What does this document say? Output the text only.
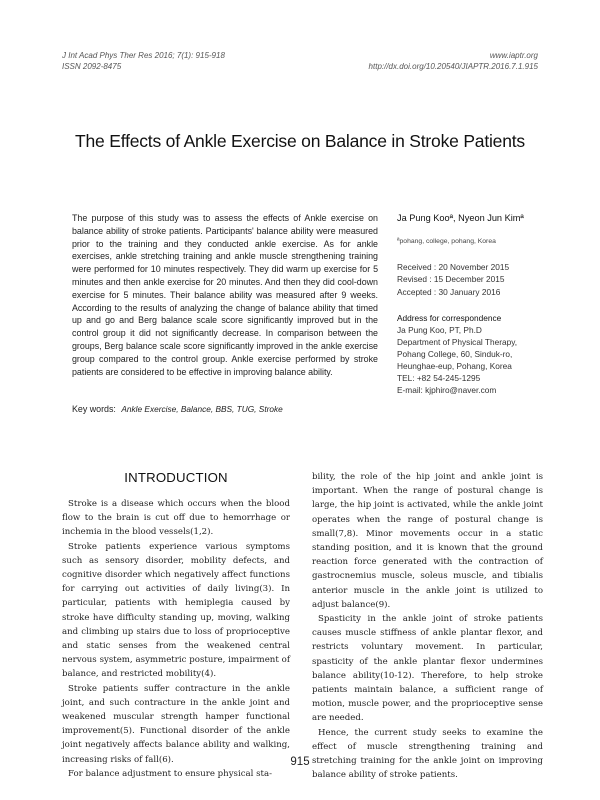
J Int Acad Phys Ther Res 2016; 7(1): 915-918
ISSN 2092-8475
www.iaptr.org
http://dx.doi.org/10.20540/JIAPTR.2016.7.1.915
The Effects of Ankle Exercise on Balance in Stroke Patients
The purpose of this study was to assess the effects of Ankle exercise on balance ability of stroke patients. Participants' balance ability were measured prior to the training and they conducted ankle exercise. As for ankle exercises, ankle stretching training and ankle muscle strengthening training were performed for 10 minutes respectively. They did warm up exercise for 5 minutes and then ankle exercise for 20 minutes. And then they did cool-down exercise for 5 minutes. Their balance ability was measured after 9 weeks. According to the results of analyzing the change of balance ability that timed up and go and Berg balance scale score significantly improved but in the control group it did not significantly decrease. In comparison between the groups, Berg balance scale score significantly improved in the ankle exercise group compared to the control group. Ankle exercise performed by stroke patients are considered to be effective in improving balance ability.
Key words: Ankle Exercise, Balance, BBS, TUG, Stroke
Ja Pung Kooª, Nyeon Jun Kimª
ªpohang, college, pohang, Korea
Received : 20 November 2015
Revised : 15 December 2015
Accepted : 30 January 2016
Address for correspondence
Ja Pung Koo, PT, Ph.D
Department of Physical Therapy,
Pohang College, 60, Sinduk-ro,
Heunghae-eup, Pohang, Korea
TEL: +82 54-245-1295
E-mail: kjphiro@naver.com
INTRODUCTION

Stroke is a disease which occurs when the blood flow to the brain is cut off due to hemorrhage or inchemia in the blood vessels(1,2).

Stroke patients experience various symptoms such as sensory disorder, mobility defects, and cognitive disorder which negatively affect functions for carrying out activities of daily living(3). In particular, patients with hemiplegia caused by stroke have difficulty standing up, moving, walking and climbing up stairs due to loss of proprioceptive and static senses from the weakened central nervous system, asymmetric posture, impairment of balance, and restricted mobility(4).

Stroke patients suffer contracture in the ankle joint, and such contracture in the ankle joint and weakened muscular strength hamper functional improvement(5). Functional disorder of the ankle joint negatively affects balance ability and walking, increasing risks of fall(6).

For balance adjustment to ensure physical sta-

bility, the role of the hip joint and ankle joint is important. When the range of postural change is large, the hip joint is activated, while the ankle joint operates when the range of postural change is small(7,8). Minor movements occur in a static standing position, and it is known that the ground reaction force generated with the contraction of gastrocnemius muscle, soleus muscle, and tibialis anterior muscle in the ankle joint is utilized to adjust balance(9).

Spasticity in the ankle joint of stroke patients causes muscle stiffness of ankle plantar flexor, and restricts voluntary movement. In particular, spasticity of the ankle plantar flexor undermines balance ability(10-12). Therefore, to help stroke patients maintain balance, a sufficient range of motion, muscle power, and the proprioceptive sense are needed.

Hence, the current study seeks to examine the effect of muscle strengthening training and stretching training for the ankle joint on improving balance ability of stroke patients.

915
